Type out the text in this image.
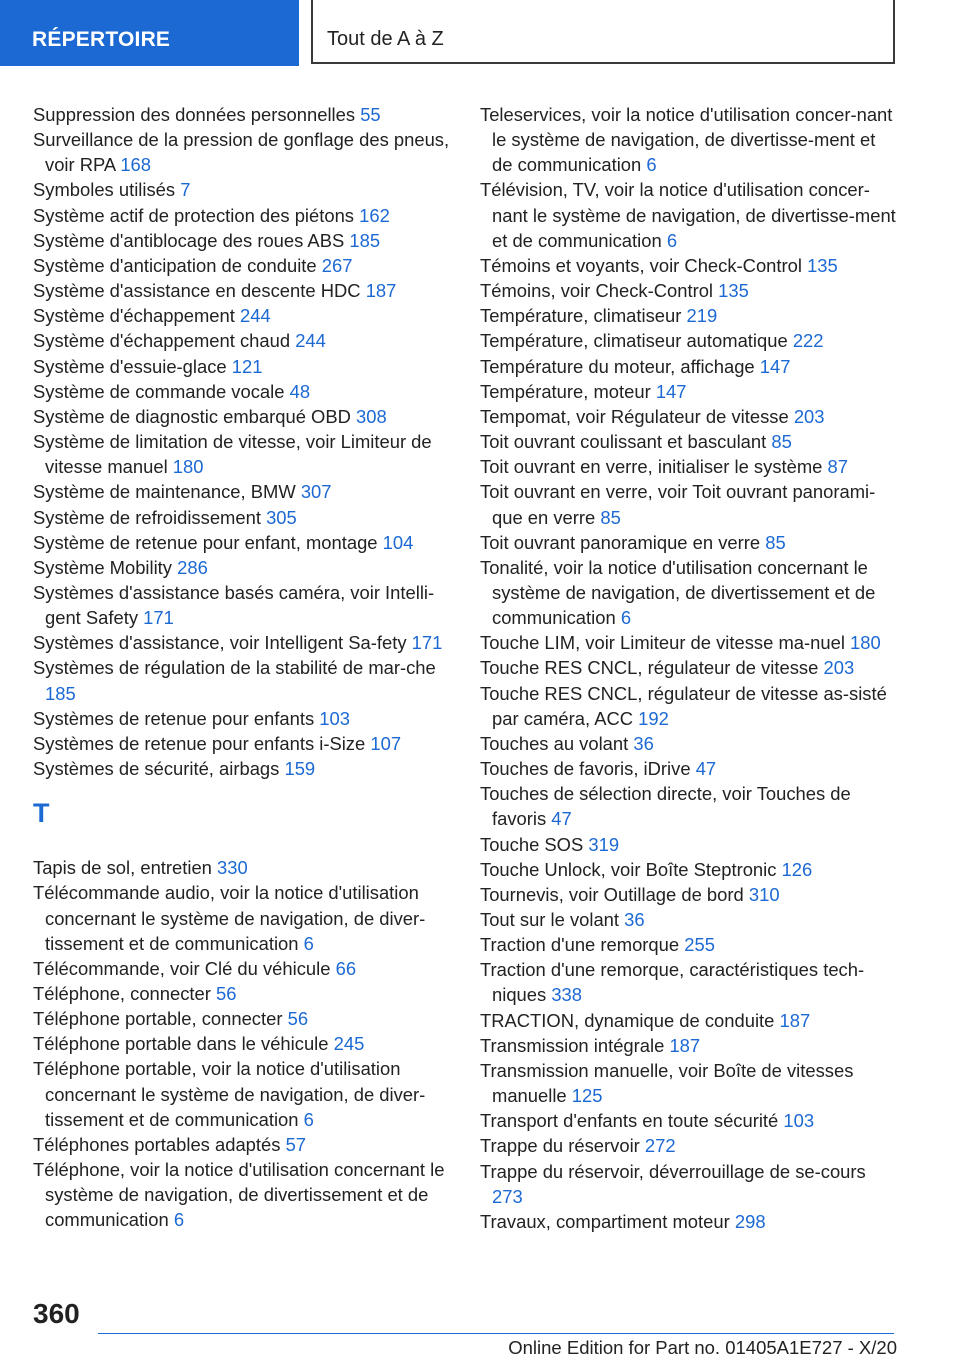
RÉPERTOIRE	Tout de A à Z
Suppression des données personnelles 55
Surveillance de la pression de gonflage des pneus, voir RPA 168
Symboles utilisés 7
Système actif de protection des piétons 162
Système d'antiblocage des roues ABS 185
Système d'anticipation de conduite 267
Système d'assistance en descente HDC 187
Système d'échappement 244
Système d'échappement chaud 244
Système d'essuie-glace 121
Système de commande vocale 48
Système de diagnostic embarqué OBD 308
Système de limitation de vitesse, voir Limiteur de vitesse manuel 180
Système de maintenance, BMW 307
Système de refroidissement 305
Système de retenue pour enfant, montage 104
Système Mobility 286
Systèmes d'assistance basés caméra, voir Intelli‐gent Safety 171
Systèmes d'assistance, voir Intelligent Sa‐fety 171
Systèmes de régulation de la stabilité de mar‐che 185
Systèmes de retenue pour enfants 103
Systèmes de retenue pour enfants i-Size 107
Systèmes de sécurité, airbags 159
T
Tapis de sol, entretien 330
Télécommande audio, voir la notice d'utilisation concernant le système de navigation, de diver‐tissement et de communication 6
Télécommande, voir Clé du véhicule 66
Téléphone, connecter 56
Téléphone portable, connecter 56
Téléphone portable dans le véhicule 245
Téléphone portable, voir la notice d'utilisation concernant le système de navigation, de diver‐tissement et de communication 6
Téléphones portables adaptés 57
Téléphone, voir la notice d'utilisation concernant le système de navigation, de divertissement et de communication 6
Teleservices, voir la notice d'utilisation concer‐nant le système de navigation, de divertisse‐ment et de communication 6
Télévision, TV, voir la notice d'utilisation concer‐nant le système de navigation, de divertisse‐ment et de communication 6
Témoins et voyants, voir Check-Control 135
Témoins, voir Check-Control 135
Température, climatiseur 219
Température, climatiseur automatique 222
Température du moteur, affichage 147
Température, moteur 147
Tempomat, voir Régulateur de vitesse 203
Toit ouvrant coulissant et basculant 85
Toit ouvrant en verre, initialiser le système 87
Toit ouvrant en verre, voir Toit ouvrant panorami‐que en verre 85
Toit ouvrant panoramique en verre 85
Tonalité, voir la notice d'utilisation concernant le système de navigation, de divertissement et de communication 6
Touche LIM, voir Limiteur de vitesse ma‐nuel 180
Touche RES CNCL, régulateur de vitesse 203
Touche RES CNCL, régulateur de vitesse as‐sisté par caméra, ACC 192
Touches au volant 36
Touches de favoris, iDrive 47
Touches de sélection directe, voir Touches de favoris 47
Touche SOS 319
Touche Unlock, voir Boîte Steptronic 126
Tournevis, voir Outillage de bord 310
Tout sur le volant 36
Traction d'une remorque 255
Traction d'une remorque, caractéristiques tech‐niques 338
TRACTION, dynamique de conduite 187
Transmission intégrale 187
Transmission manuelle, voir Boîte de vitesses manuelle 125
Transport d'enfants en toute sécurité 103
Trappe du réservoir 272
Trappe du réservoir, déverrouillage de se‐cours 273
Travaux, compartiment moteur 298
360
Online Edition for Part no. 01405A1E727 - X/20
